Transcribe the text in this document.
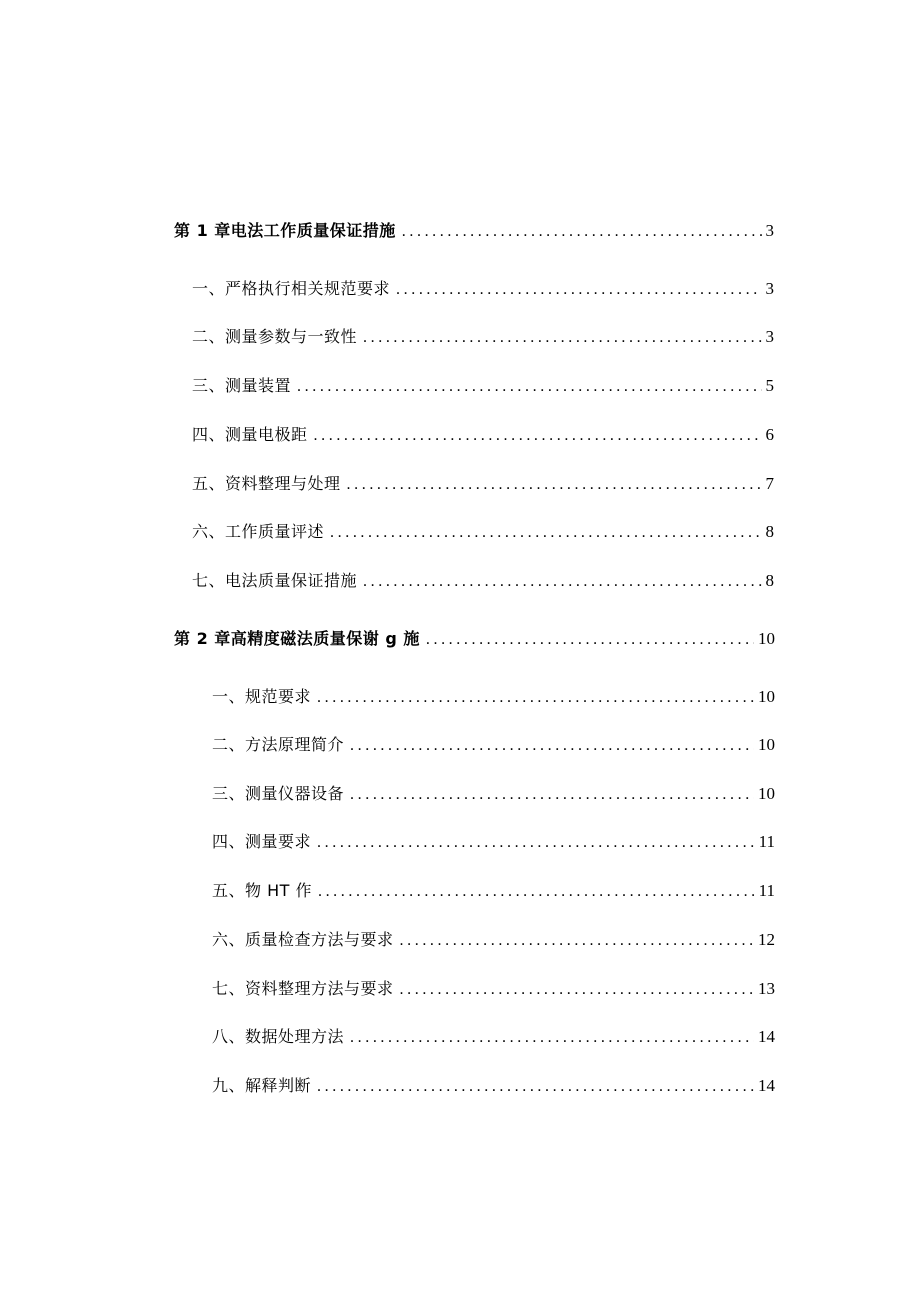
第 1 章电法工作质量保证措施 .....	3
一、严格执行相关规范要求 .....	3
二、测量参数与一致性 .....	3
三、测量装置 .....	5
四、测量电极距 .....	6
五、资料整理与处理 .....	7
六、工作质量评述 .....	8
七、电法质量保证措施 .....	8
第 2 章高精度磁法质量保谢 g 施 .....	10
一、规范要求 .....	10
二、方法原理简介 .....	10
三、测量仪器设备 .....	10
四、测量要求 .....	11
五、物 HT 作 .....	11
六、质量检查方法与要求 .....	12
七、资料整理方法与要求 .....	13
八、数据处理方法 .....	14
九、解释判断 .....	14
